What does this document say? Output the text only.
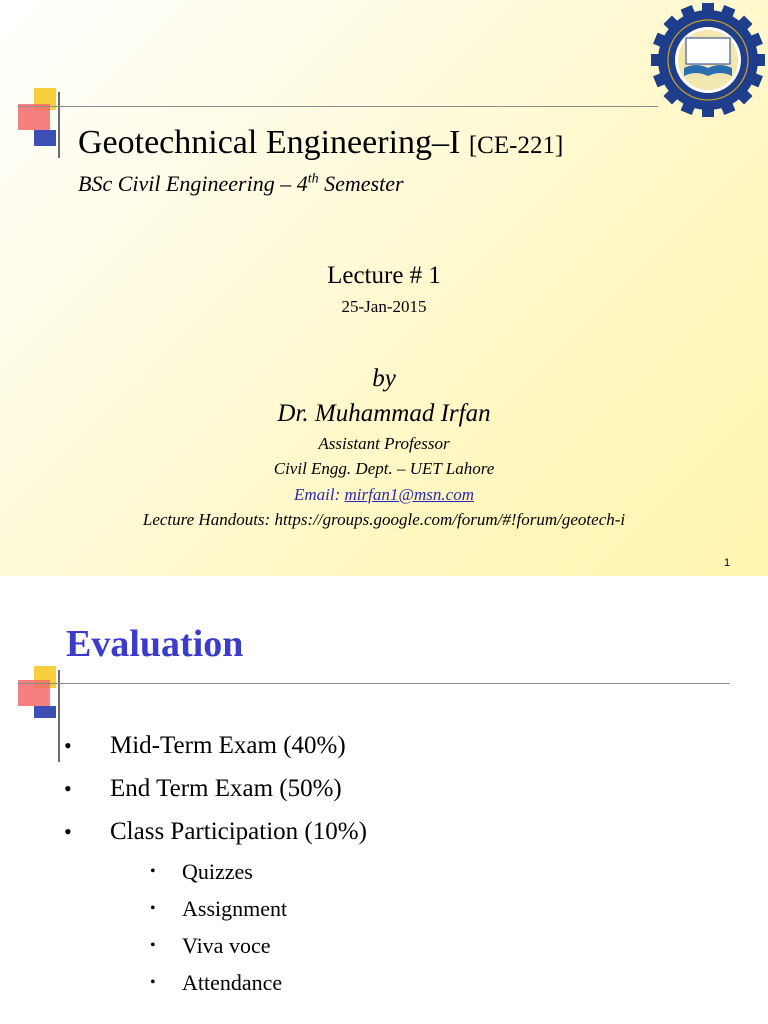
Geotechnical Engineering–I [CE-221]

BSc Civil Engineering – 4th Semester

Lecture # 1

25-Jan-2015

by

Dr. Muhammad Irfan

Assistant Professor

Civil Engg. Dept. – UET Lahore

Email: mirfan1@msn.com

Lecture Handouts: https://groups.google.com/forum/#!forum/geotech-i

1

Evaluation

• Mid-Term Exam (40%)
• End Term Exam (50%)
• Class Participation (10%)
• Quizzes
• Assignment
• Viva voce
• Attendance
